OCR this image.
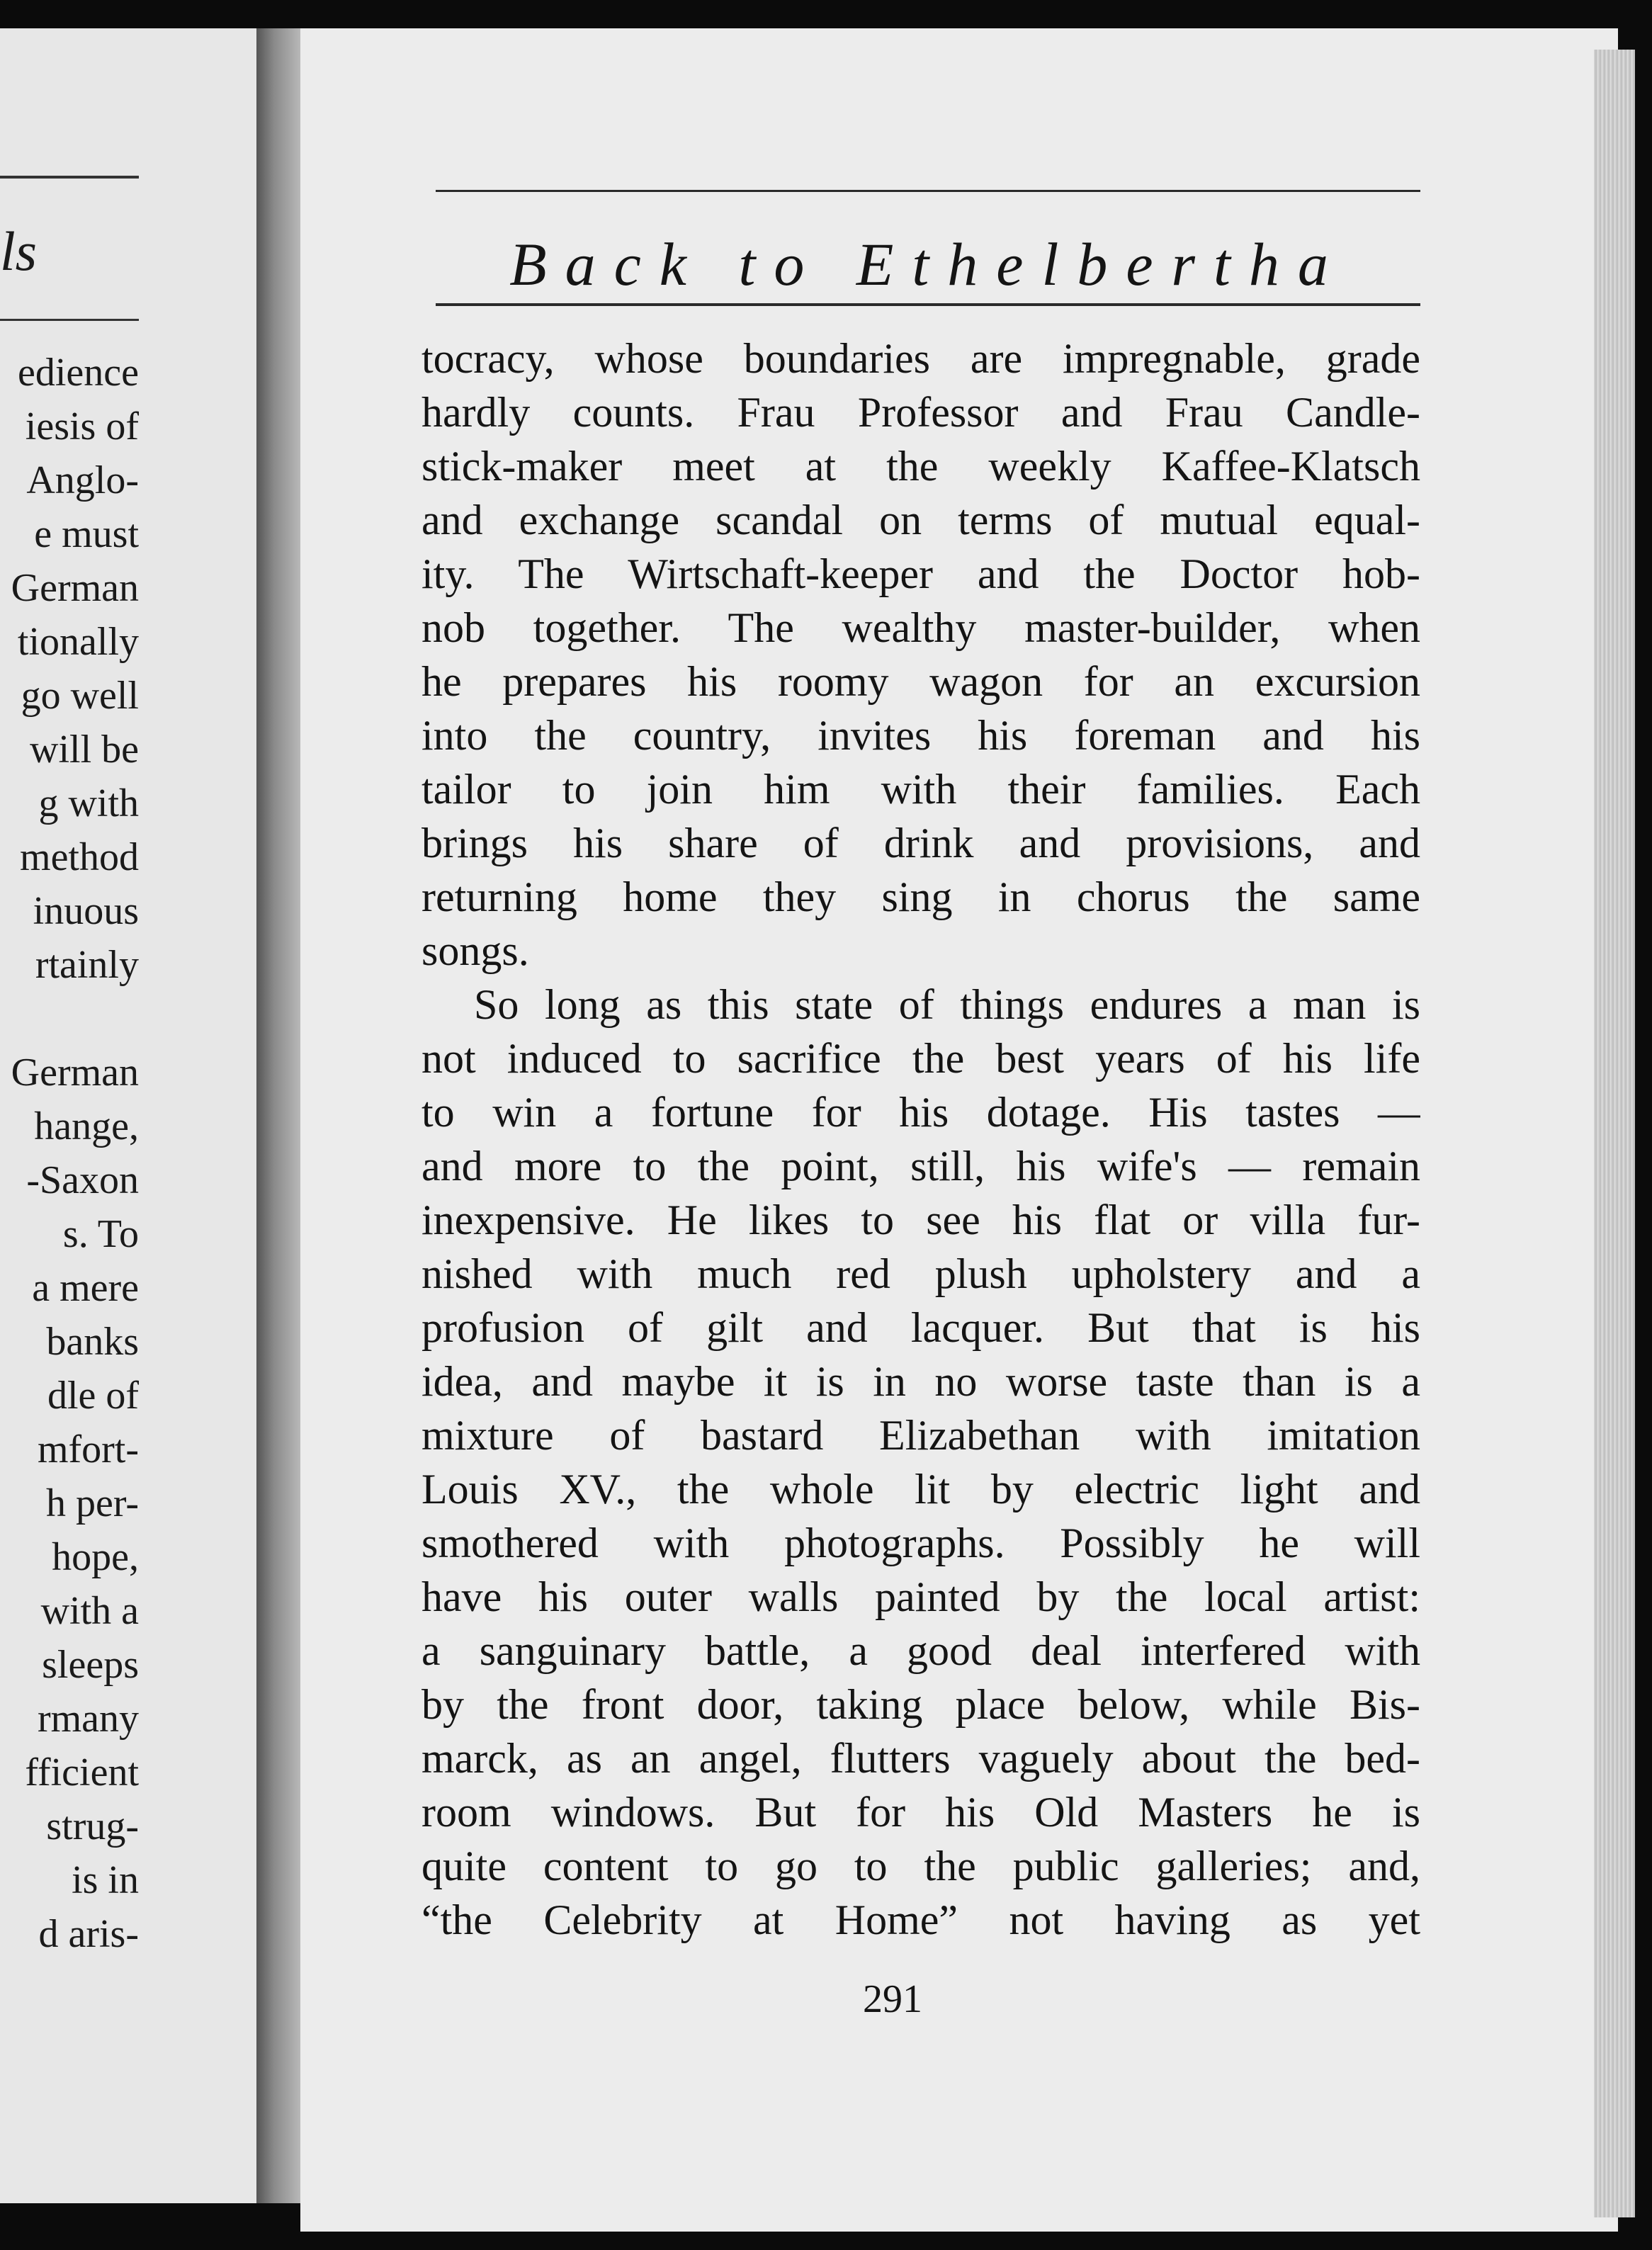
ls
edience
iesis of
Anglo-
e must
German
tionally
go well
will be
g with
method
inuous
rtainly

German
hange,
-Saxon
s. To
a mere
banks
dle of
mfort-
h per-
hope,
with a
sleeps
rmany
fficient
strug-
is in
d aris-
Back to Ethelbertha
tocracy, whose boundaries are impregnable, grade
hardly counts. Frau Professor and Frau Candle-
stick-maker meet at the weekly Kaffee-Klatsch
and exchange scandal on terms of mutual equal-
ity. The Wirtschaft-keeper and the Doctor hob-
nob together. The wealthy master-builder, when
he prepares his roomy wagon for an excursion
into the country, invites his foreman and his
tailor to join him with their families. Each
brings his share of drink and provisions, and
returning home they sing in chorus the same
songs.
So long as this state of things endures a man is
not induced to sacrifice the best years of his life
to win a fortune for his dotage. His tastes —
and more to the point, still, his wife's — remain
inexpensive. He likes to see his flat or villa fur-
nished with much red plush upholstery and a
profusion of gilt and lacquer. But that is his
idea, and maybe it is in no worse taste than is a
mixture of bastard Elizabethan with imitation
Louis XV., the whole lit by electric light and
smothered with photographs. Possibly he will
have his outer walls painted by the local artist:
a sanguinary battle, a good deal interfered with
by the front door, taking place below, while Bis-
marck, as an angel, flutters vaguely about the bed-
room windows. But for his Old Masters he is
quite content to go to the public galleries; and,
“the Celebrity at Home” not having as yet
291
